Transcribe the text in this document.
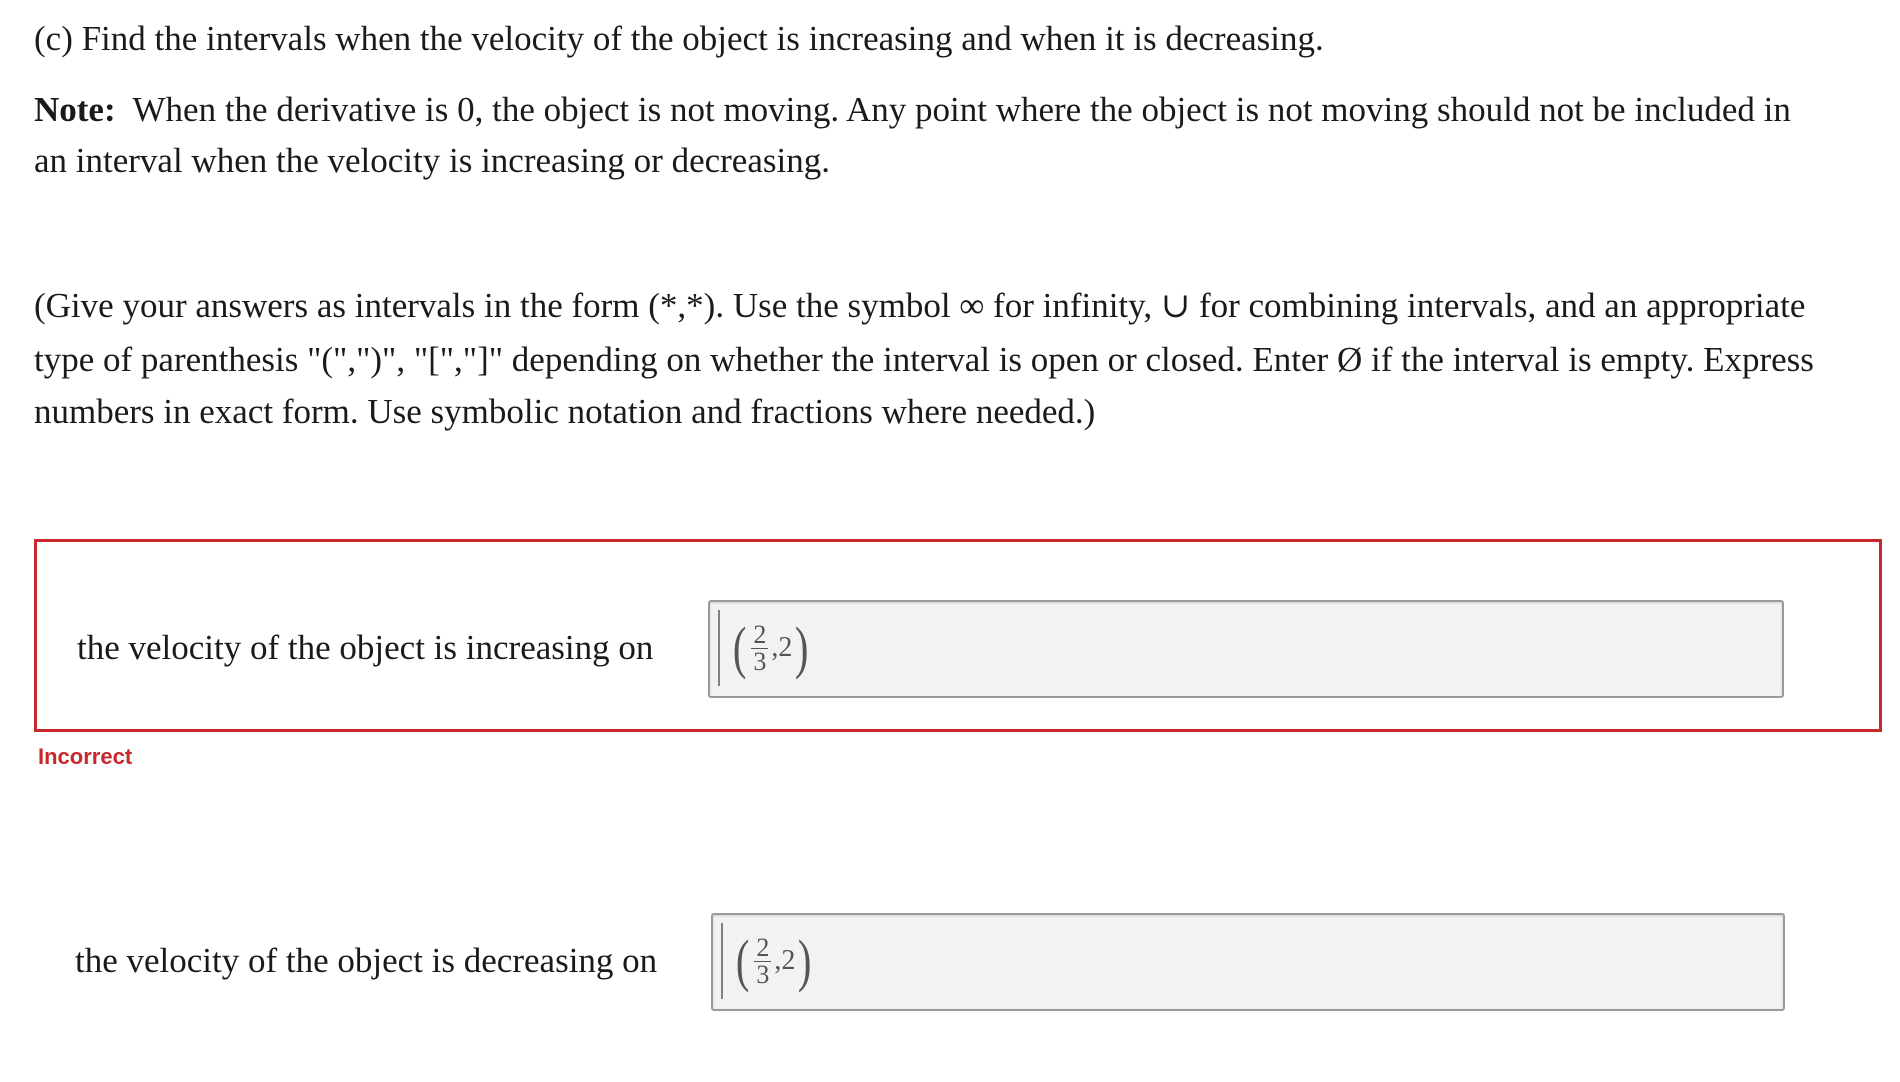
(c) Find the intervals when the velocity of the object is increasing and when it is decreasing.

Note: When the derivative is 0, the object is not moving. Any point where the object is not moving should not be included in

an interval when the velocity is increasing or decreasing.

(Give your answers as intervals in the form (*,*). Use the symbol ∞ for infinity, ∪ for combining intervals, and an appropriate

type of parenthesis "(",")", "[","]" depending on whether the interval is open or closed. Enter Ø if the interval is empty. Express

numbers in exact form. Use symbolic notation and fractions where needed.)

the velocity of the object is increasing on ( $\frac{2}{3} ,2$ )
Incorrect
the velocity of the object is decreasing on ( $\frac{2}{3} ,2$ )
